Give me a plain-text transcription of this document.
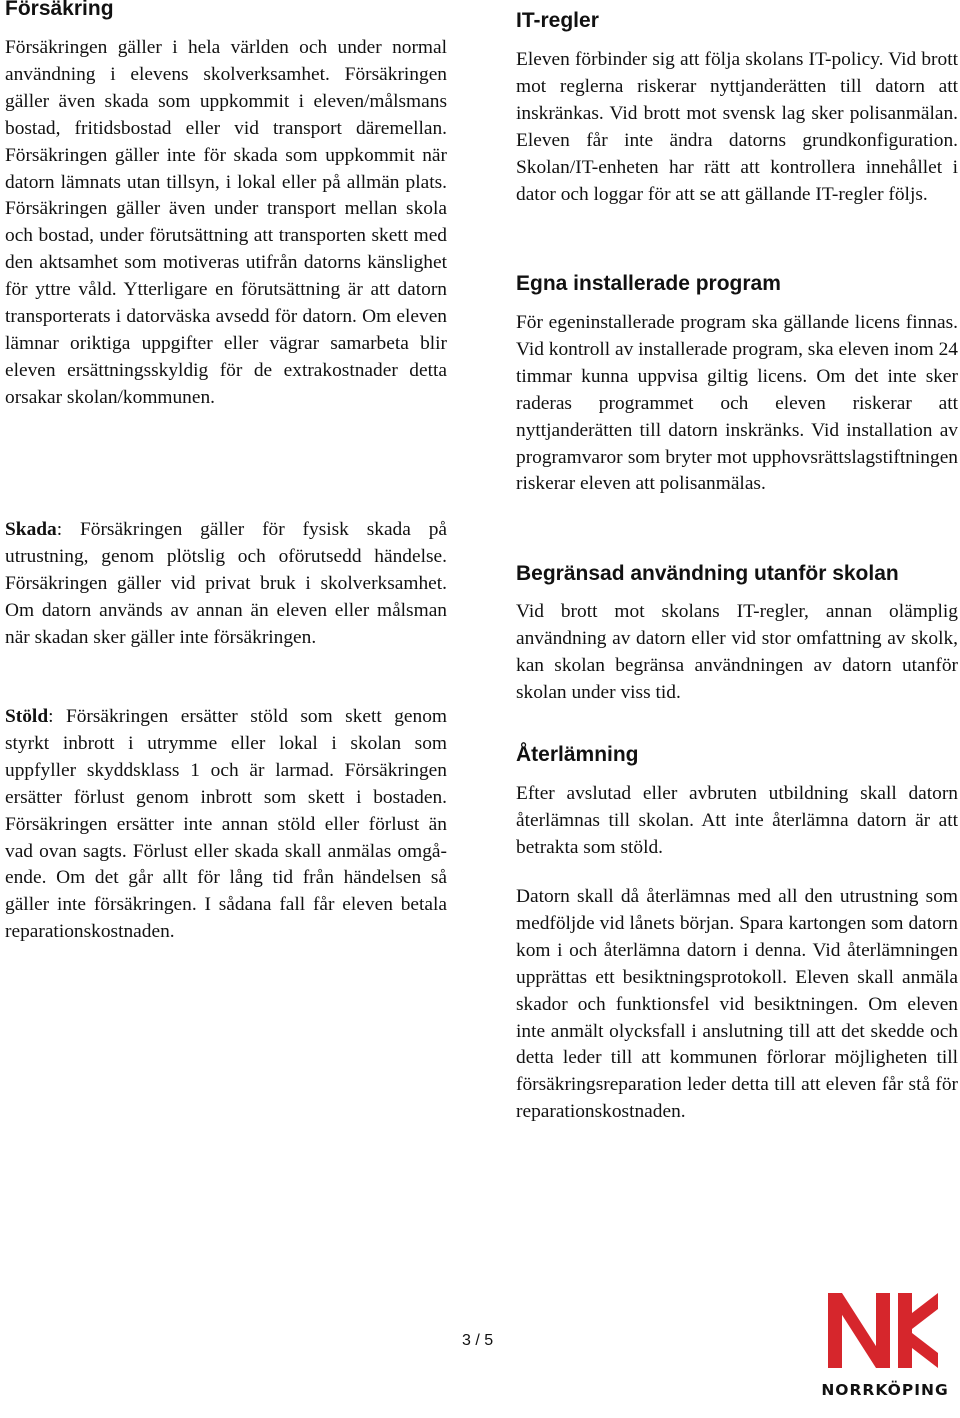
Försäkring

Försäkringen gäller i hela världen och under normal användning i elevens skolverksamhet. Försäkringen gäller även skada som uppkommit i eleven/målsmans bostad, fritidsbostad eller vid transport däremellan. Försäkringen gäller inte för skada som uppkommit när datorn lämnats utan tillsyn, i lokal eller på allmän plats. Försäkringen gäller även under transport mellan skola och bostad, under förutsättning att transporten skett med den aktsamhet som motiveras utifrån datorns känslighet för yttre våld. Ytterligare en förutsättning är att datorn transporterats i datorväska avsedd för datorn. Om eleven lämnar oriktiga uppgifter eller vägrar samarbeta blir eleven ersättningsskyldig för de extrakostnader detta orsakar skolan/kommunen.

Skada: Försäkringen gäller för fysisk skada på utrustning, genom plötslig och oförutsedd händelse. Försäkringen gäller vid privat bruk i skolverksamhet. Om datorn används av annan än eleven eller målsman när skadan sker gäller inte försäkringen.

Stöld: Försäkringen ersätter stöld som skett genom styrkt inbrott i utrymme eller lokal i skolan som uppfyller skyddsklass 1 och är larmad. Försäkringen ersätter förlust genom inbrott som skett i bostaden. Försäkringen ersätter inte annan stöld eller förlust än vad ovan sagts. Förlust eller skada skall anmälas omgående. Om det går allt för lång tid från händelsen så gäller inte försäkringen. I sådana fall får eleven betala reparationskostnaden.

IT-regler

Eleven förbinder sig att följa skolans IT-policy. Vid brott mot reglerna riskerar nyttjanderätten till datorn att inskränkas. Vid brott mot svensk lag sker polisanmälan. Eleven får inte ändra datorns grundkonfiguration. Skolan/IT-enheten har rätt att kontrollera innehållet i dator och loggar för att se att gällande IT-regler följs.

Egna installerade program

För egeninstallerade program ska gällande licens finnas. Vid kontroll av installerade program, ska eleven inom 24 timmar kunna uppvisa giltig licens. Om det inte sker raderas programmet och eleven riskerar att nyttjanderätten till datorn inskränks. Vid installation av programvaror som bryter mot upphovsrättslagstiftningen riskerar eleven att polisanmälas.

Begränsad användning utanför skolan

Vid brott mot skolans IT-regler, annan olämplig användning av datorn eller vid stor omfattning av skolk, kan skolan begränsa användningen av datorn utanför skolan under viss tid.

Återlämning

Efter avslutad eller avbruten utbildning skall datorn återlämnas till skolan. Att inte återlämna datorn är att betrakta som stöld.

Datorn skall då återlämnas med all den utrustning som medföljde vid lånets början. Spara kartongen som datorn kom i och återlämna datorn i denna. Vid återlämningen upprättas ett besiktningsprotokoll. Eleven skall anmäla skador och funktionsfel vid besiktningen. Om eleven inte anmält olycksfall i anslutning till att det skedde och detta leder till att kommunen förlorar möjligheten till försäkringsreparation leder detta till att eleven får stå för reparationskostnaden.

3 / 5
NORRKÖPING
